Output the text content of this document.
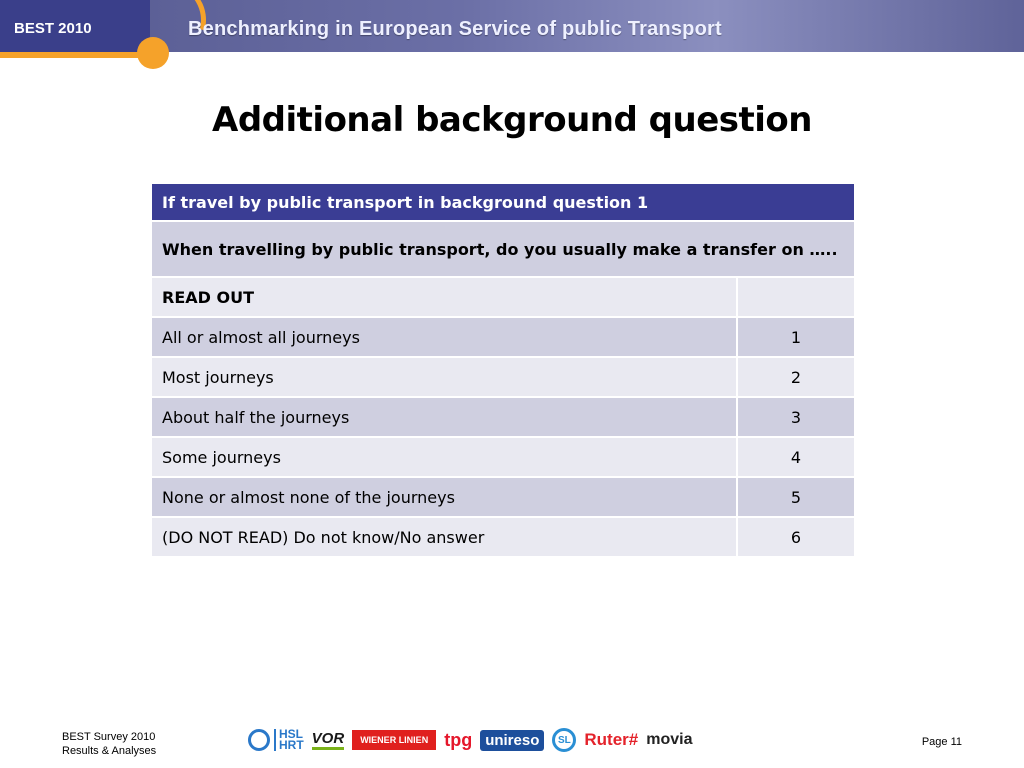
BEST 2010	Benchmarking in European Service of public Transport
Additional background question
If travel by public transport in background question 1	
When travelling by public transport, do you usually make a transfer on …..	
READ OUT	
All or almost all journeys	1
Most journeys	2
About half the journeys	3
Some journeys	4
None or almost none of the journeys	5
(DO NOT READ) Do not know/No answer	6
BEST Survey 2010
Results & Analyses
HSL
HRT VOR	WIENER LINIEN tpg unireso	SL Ruter# movia	Page 11
